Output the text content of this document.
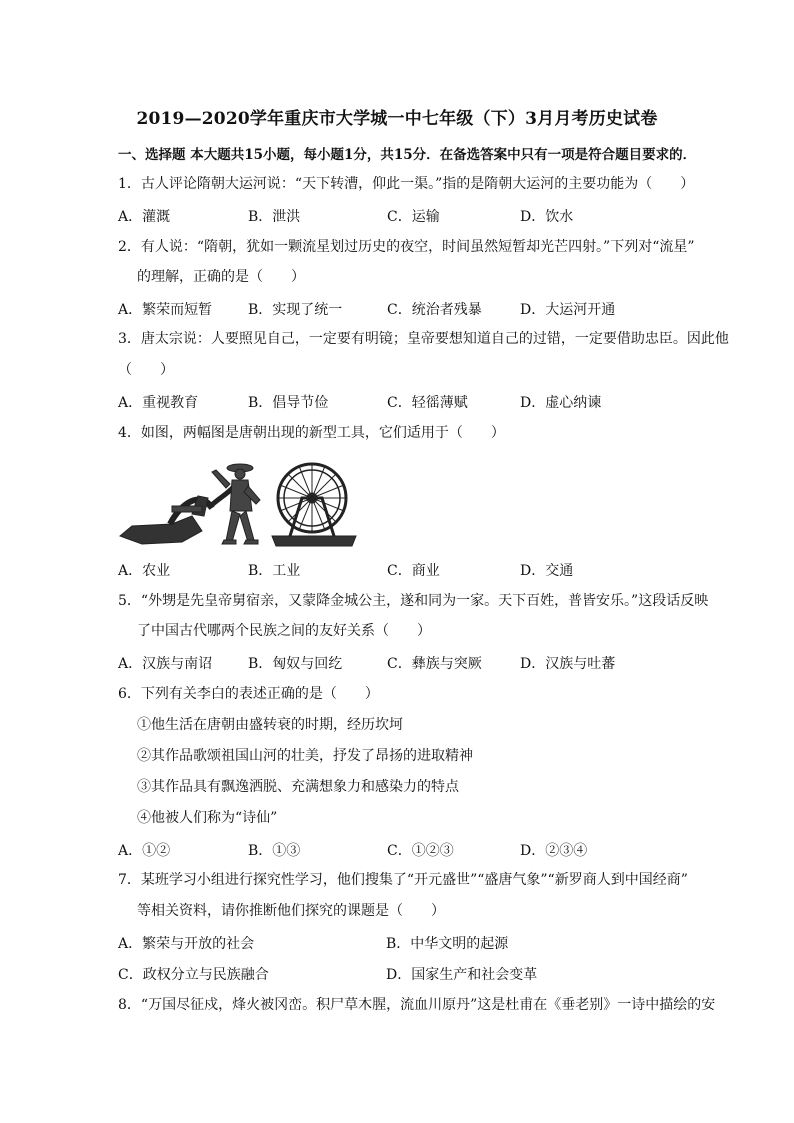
2019—2020学年重庆市大学城一中七年级（下）3月月考历史试卷
一、选择题 本大题共15小题，每小题1分，共15分．在备选答案中只有一项是符合题目要求的．
1．古人评论隋朝大运河说：“天下转漕，仰此一渠。”指的是隋朝大运河的主要功能为（　　）
A．灌溉	B．泄洪	C．运输	D．饮水
2．有人说：“隋朝，犹如一颗流星划过历史的夜空，时间虽然短暂却光芒四射。”下列对“流星”
的理解，正确的是（　　）
A．繁荣而短暂	B．实现了统一	C．统治者残暴	D．大运河开通
3．唐太宗说：人要照见自己，一定要有明镜；皇帝要想知道自己的过错，一定要借助忠臣。因此他
（　　）
A．重视教育	B．倡导节俭	C．轻徭薄赋	D．虚心纳谏
4．如图，两幅图是唐朝出现的新型工具，它们适用于（　　）
A．农业	B．工业	C．商业	D．交通
5．“外甥是先皇帝舅宿亲，又蒙降金城公主，遂和同为一家。天下百姓，普皆安乐。”这段话反映
了中国古代哪两个民族之间的友好关系（　　）
A．汉族与南诏	B．匈奴与回纥	C．彝族与突厥	D．汉族与吐蕃
6．下列有关李白的表述正确的是（　　）
①他生活在唐朝由盛转衰的时期，经历坎坷
②其作品歌颂祖国山河的壮美，抒发了昂扬的进取精神
③其作品具有飘逸洒脱、充满想象力和感染力的特点
④他被人们称为“诗仙”
A．①②	B．①③	C．①②③	D．②③④
7．某班学习小组进行探究性学习，他们搜集了“开元盛世”“盛唐气象”“新罗商人到中国经商”
等相关资料，请你推断他们探究的课题是（　　）
A．繁荣与开放的社会	B．中华文明的起源
C．政权分立与民族融合	D．国家生产和社会变革
8．“万国尽征戍，烽火被冈峦。积尸草木腥，流血川原丹”这是杜甫在《垂老别》一诗中描绘的安
